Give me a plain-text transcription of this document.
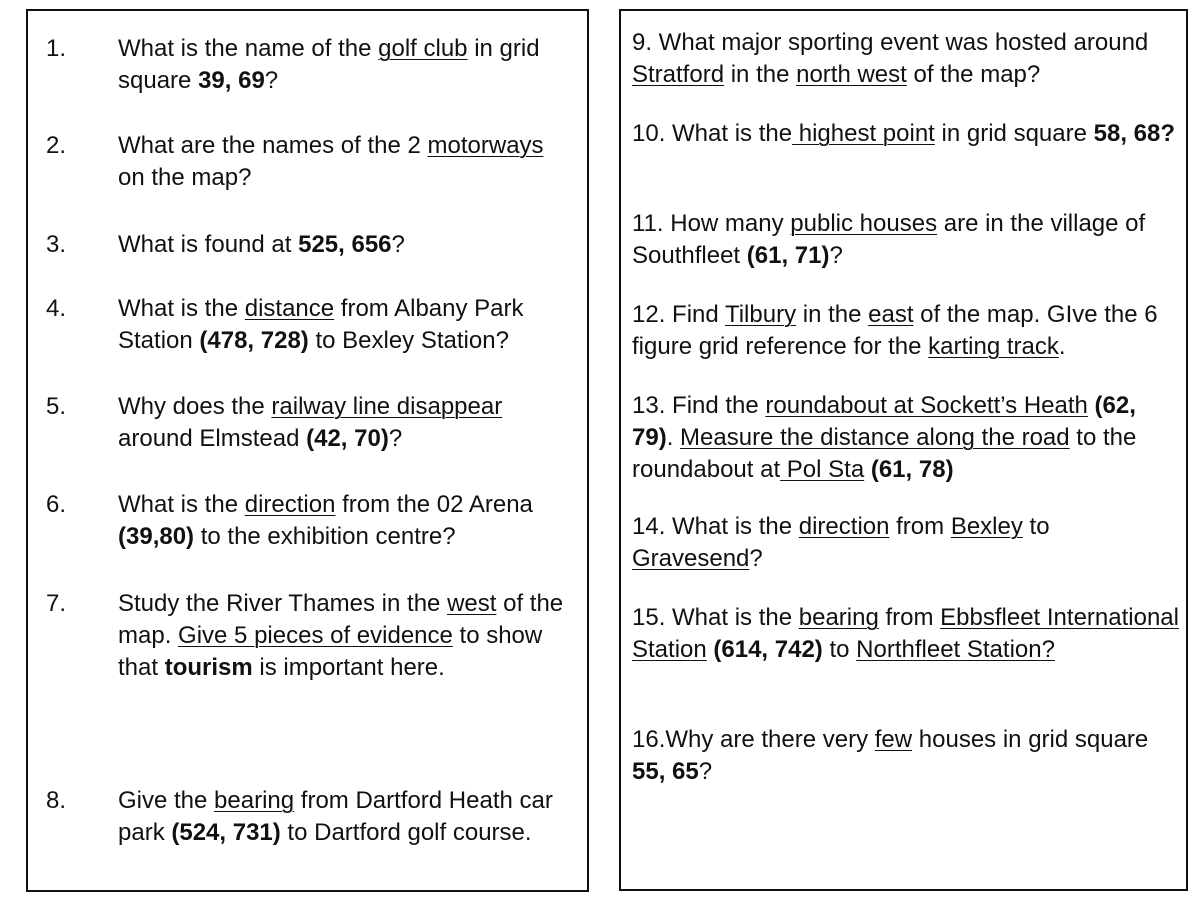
1. What is the name of the golf club in grid square 39, 69?
2. What are the names of the 2 motorways on the map?
3. What is found at 525, 656?
4. What is the distance from Albany Park Station (478, 728) to Bexley Station?
5. Why does the railway line disappear around Elmstead (42, 70)?
6. What is the direction from the 02 Arena (39,80) to the exhibition centre?
7. Study the River Thames in the west of the map. Give 5 pieces of evidence to show that tourism is important here.
8. Give the bearing from Dartford Heath car park (524, 731) to Dartford golf course.
9. What major sporting event was hosted around Stratford in the north west of the map?
10. What is the highest point in grid square 58, 68?
11. How many public houses are in the village of Southfleet (61, 71)?
12. Find Tilbury in the east of the map. GIve the 6 figure grid reference for the karting track.
13. Find the roundabout at Sockett’s Heath (62, 79). Measure the distance along the road to the roundabout at Pol Sta (61, 78)
14. What is the direction from Bexley to Gravesend?
15. What is the bearing from Ebbsfleet International Station (614, 742) to Northfleet Station?
16.Why are there very few houses in grid square 55, 65?
